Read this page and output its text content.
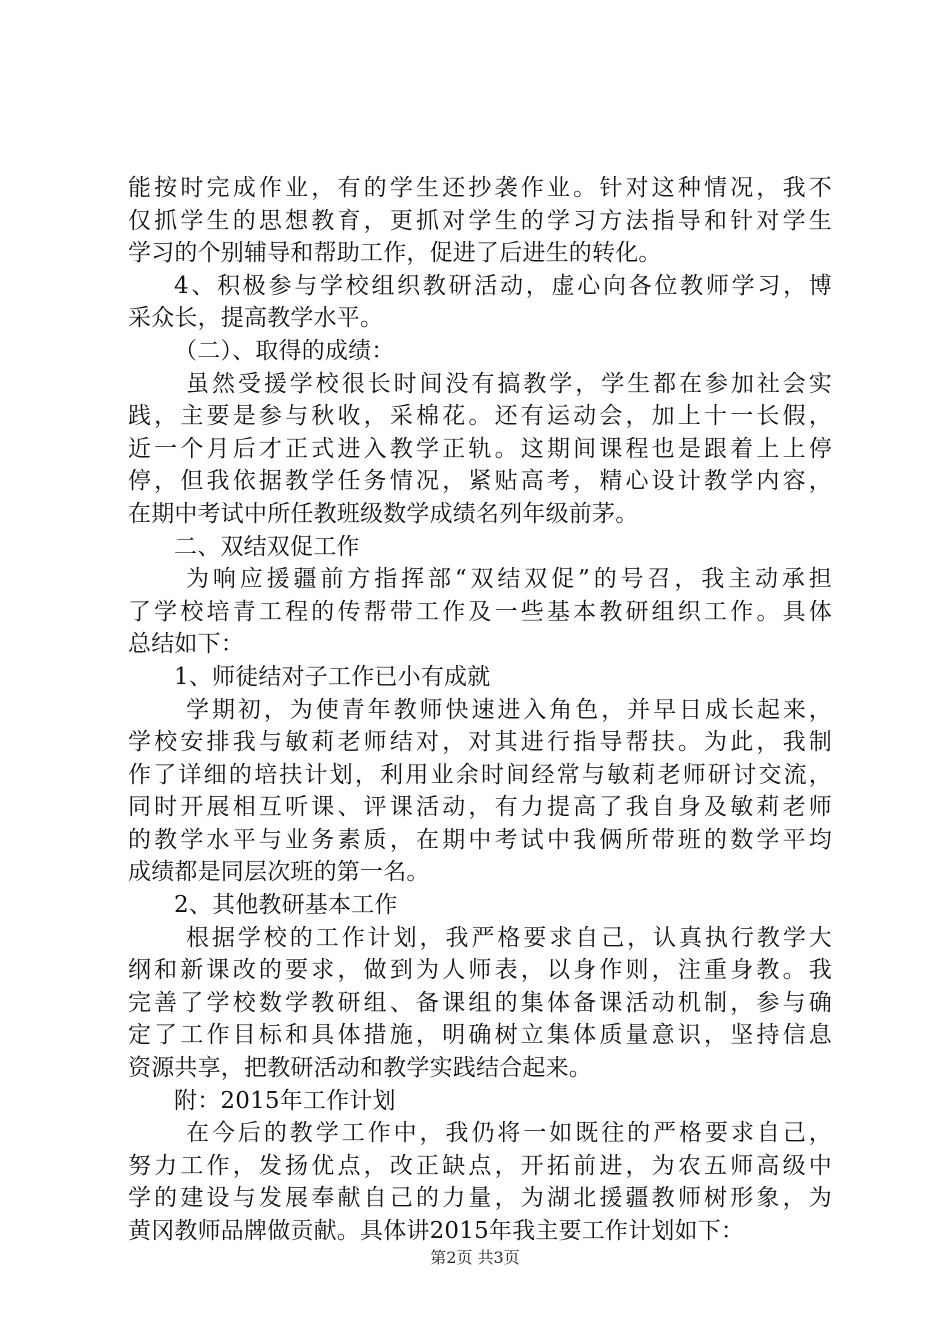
能按时完成作业，有的学生还抄袭作业。针对这种情况，我不
仅抓学生的思想教育，更抓对学生的学习方法指导和针对学生
学习的个别辅导和帮助工作，促进了后进生的转化。
4、积极参与学校组织教研活动，虚心向各位教师学习，博
采众长，提高教学水平。
（二）、取得的成绩：
虽然受援学校很长时间没有搞教学，学生都在参加社会实
践，主要是参与秋收，采棉花。还有运动会，加上十一长假，
近一个月后才正式进入教学正轨。这期间课程也是跟着上上停
停，但我依据教学任务情况，紧贴高考，精心设计教学内容，
在期中考试中所任教班级数学成绩名列年级前茅。
二、双结双促工作
为响应援疆前方指挥部“双结双促”的号召，我主动承担
了学校培青工程的传帮带工作及一些基本教研组织工作。具体
总结如下：
1、师徒结对子工作已小有成就
学期初，为使青年教师快速进入角色，并早日成长起来，
学校安排我与敏莉老师结对，对其进行指导帮扶。为此，我制
作了详细的培扶计划，利用业余时间经常与敏莉老师研讨交流，
同时开展相互听课、评课活动，有力提高了我自身及敏莉老师
的教学水平与业务素质，在期中考试中我俩所带班的数学平均
成绩都是同层次班的第一名。
2、其他教研基本工作
根据学校的工作计划，我严格要求自己，认真执行教学大
纲和新课改的要求，做到为人师表，以身作则，注重身教。我
完善了学校数学教研组、备课组的集体备课活动机制，参与确
定了工作目标和具体措施，明确树立集体质量意识，坚持信息
资源共享，把教研活动和教学实践结合起来。
附：2015年工作计划
在今后的教学工作中，我仍将一如既往的严格要求自己，
努力工作，发扬优点，改正缺点，开拓前进，为农五师高级中
学的建设与发展奉献自己的力量，为湖北援疆教师树形象，为
黄冈教师品牌做贡献。具体讲2015年我主要工作计划如下：
第2页 共3页
